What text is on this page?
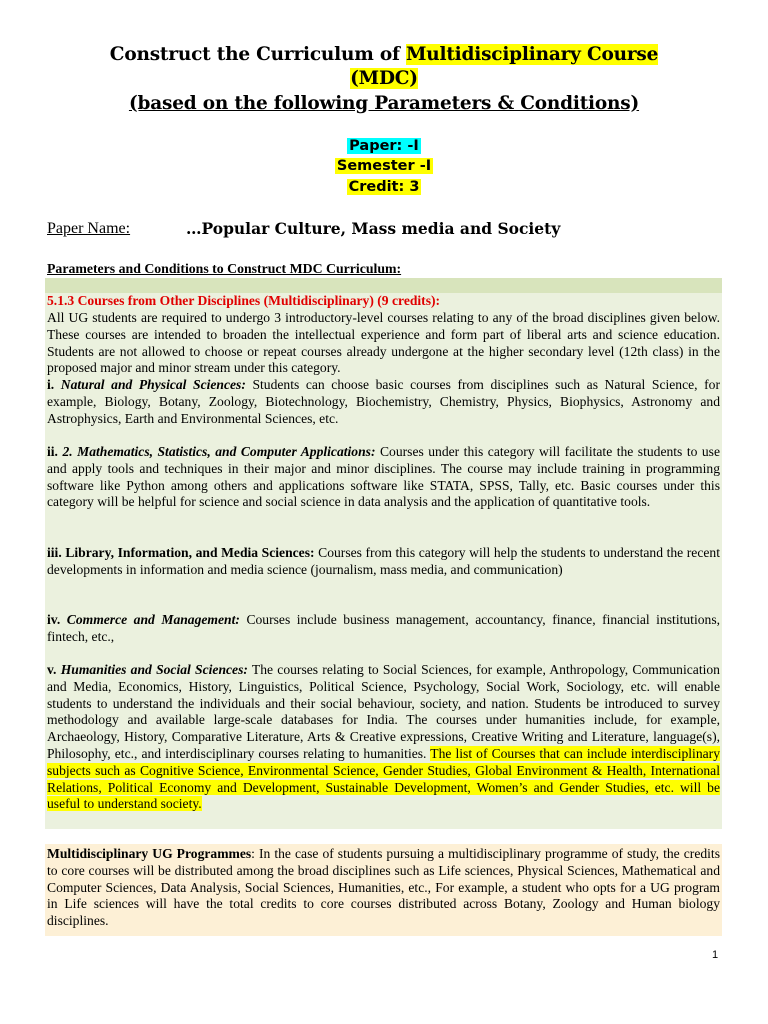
Construct the Curriculum of Multidisciplinary Course
(MDC)
(based on the following Parameters & Conditions)
Paper: -I
Semester -I
Credit: 3
Paper Name:	…Popular Culture, Mass media and Society
Parameters and Conditions to Construct MDC Curriculum:
5.1.3 Courses from Other Disciplines (Multidisciplinary) (9 credits):
All UG students are required to undergo 3 introductory-level courses relating to any of the broad disciplines given below. These courses are intended to broaden the intellectual experience and form part of liberal arts and science education. Students are not allowed to choose or repeat courses already undergone at the higher secondary level (12th class) in the proposed major and minor stream under this category.
i. Natural and Physical Sciences: Students can choose basic courses from disciplines such as Natural Science, for example, Biology, Botany, Zoology, Biotechnology, Biochemistry, Chemistry, Physics, Biophysics, Astronomy and Astrophysics, Earth and Environmental Sciences, etc.
ii. 2. Mathematics, Statistics, and Computer Applications: Courses under this category will facilitate the students to use and apply tools and techniques in their major and minor disciplines. The course may include training in programming software like Python among others and applications software like STATA, SPSS, Tally, etc. Basic courses under this category will be helpful for science and social science in data analysis and the application of quantitative tools.
iii. Library, Information, and Media Sciences: Courses from this category will help the students to understand the recent developments in information and media science (journalism, mass media, and communication)
iv. Commerce and Management: Courses include business management, accountancy, finance, financial institutions, fintech, etc.,
v. Humanities and Social Sciences: The courses relating to Social Sciences, for example, Anthropology, Communication and Media, Economics, History, Linguistics, Political Science, Psychology, Social Work, Sociology, etc. will enable students to understand the individuals and their social behaviour, society, and nation. Students be introduced to survey methodology and available large-scale databases for India. The courses under humanities include, for example, Archaeology, History, Comparative Literature, Arts & Creative expressions, Creative Writing and Literature, language(s), Philosophy, etc., and interdisciplinary courses relating to humanities. The list of Courses that can include interdisciplinary subjects such as Cognitive Science, Environmental Science, Gender Studies, Global Environment & Health, International Relations, Political Economy and Development, Sustainable Development, Women’s and Gender Studies, etc. will be useful to understand society.
Multidisciplinary UG Programmes: In the case of students pursuing a multidisciplinary programme of study, the credits to core courses will be distributed among the broad disciplines such as Life sciences, Physical Sciences, Mathematical and Computer Sciences, Data Analysis, Social Sciences, Humanities, etc., For example, a student who opts for a UG program in Life sciences will have the total credits to core courses distributed across Botany, Zoology and Human biology disciplines.
1
